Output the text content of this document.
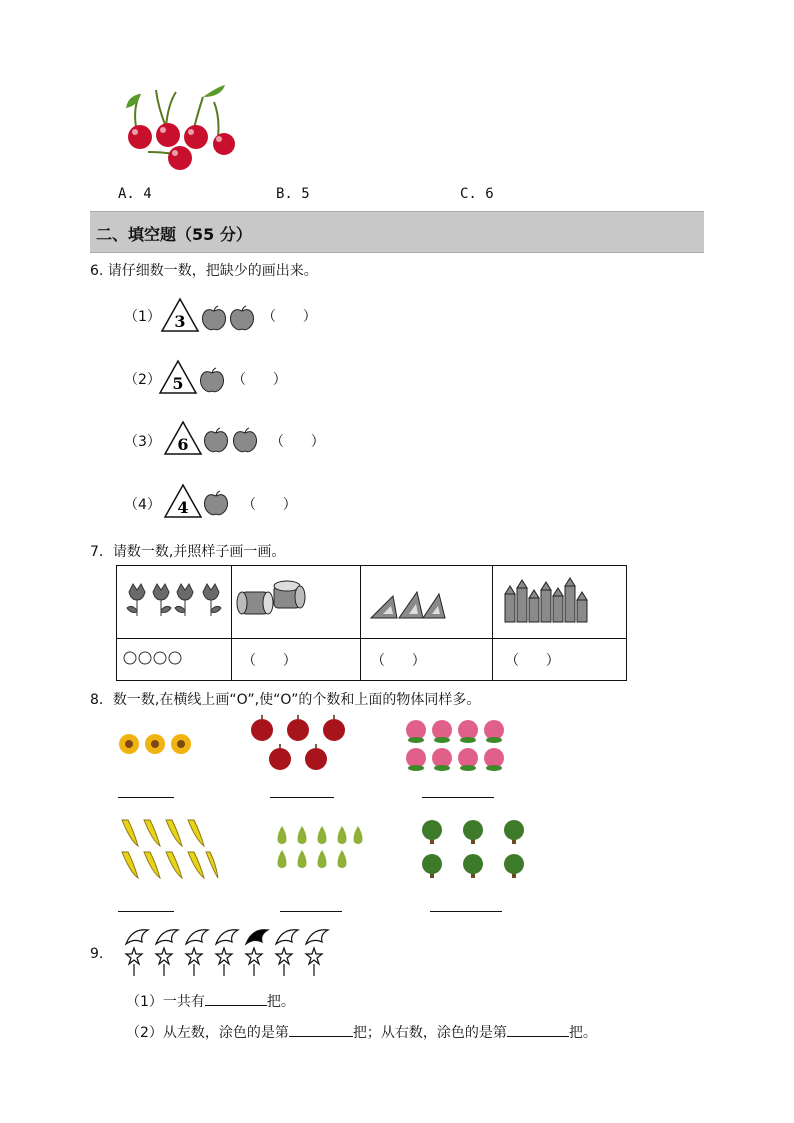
A. 4	B. 5	C. 6
二、填空题（55 分）
6. 请仔细数一数，把缺少的画出来。
（1） 3	（      ）
（2） 5	（      ）
（3） 6	（      ）
（4） 4	（      ）
7．请数一数,并照样子画一画。

	（      ）	（      ）	（      ）
8．数一数,在横线上画“O”,使“O”的个数和上面的物体同样多。
9.
（1）一共有	把。
（2）从左数，涂色的是第	把；从右数，涂色的是第	把。
